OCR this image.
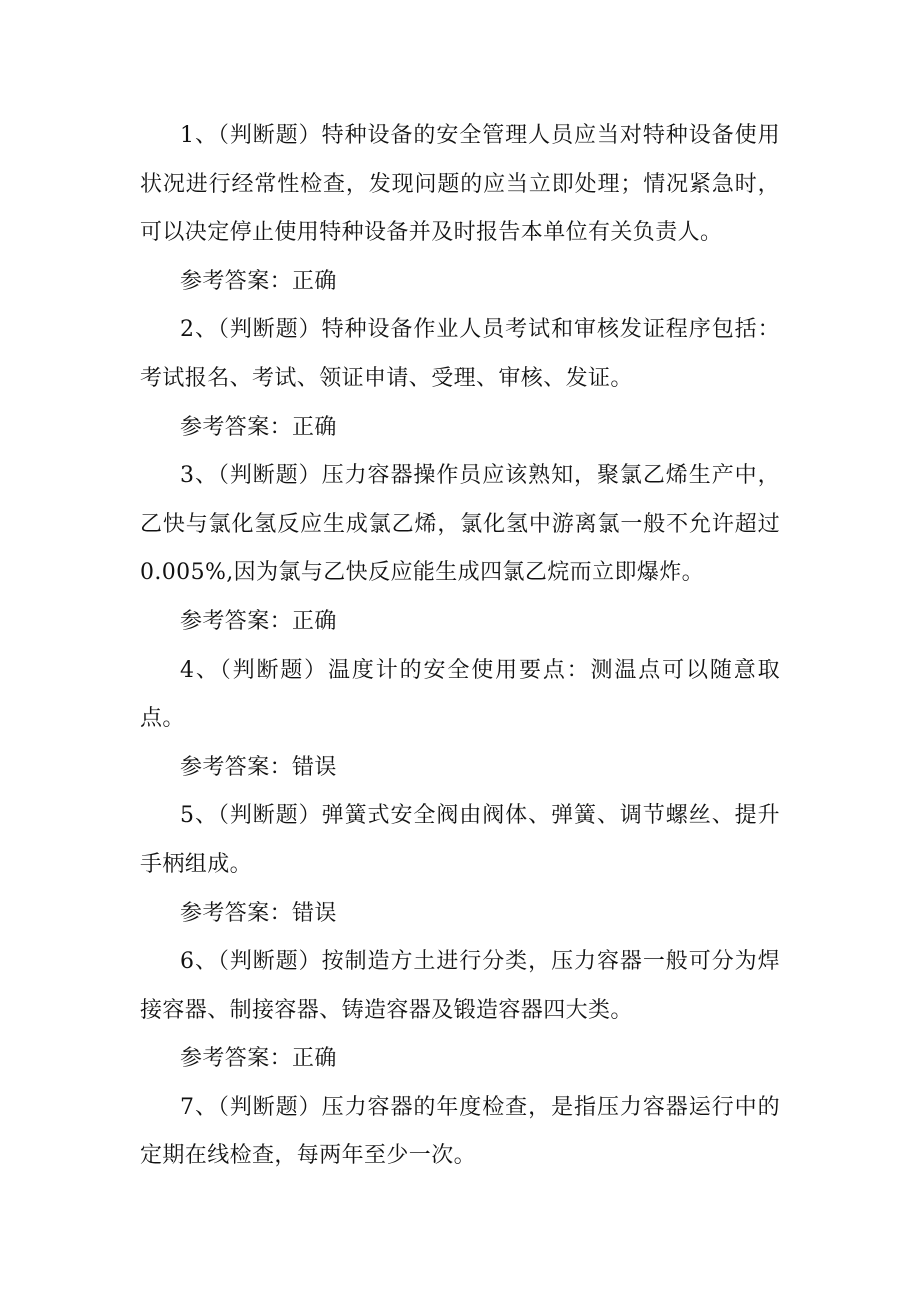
1、（判断题）特种设备的安全管理人员应当对特种设备使用状况进行经常性检查，发现问题的应当立即处理；情况紧急时，可以决定停止使用特种设备并及时报告本单位有关负责人。

参考答案：正确

2、（判断题）特种设备作业人员考试和审核发证程序包括：考试报名、考试、领证申请、受理、审核、发证。

参考答案：正确

3、（判断题）压力容器操作员应该熟知，聚氯乙烯生产中，乙快与氯化氢反应生成氯乙烯，氯化氢中游离氯一般不允许超过0.005%,因为氯与乙快反应能生成四氯乙烷而立即爆炸。

参考答案：正确

4、（判断题）温度计的安全使用要点：测温点可以随意取点。

参考答案：错误

5、（判断题）弹簧式安全阀由阀体、弹簧、调节螺丝、提升手柄组成。

参考答案：错误

6、（判断题）按制造方土进行分类，压力容器一般可分为焊接容器、制接容器、铸造容器及锻造容器四大类。

参考答案：正确

7、（判断题）压力容器的年度检查，是指压力容器运行中的定期在线检查，每两年至少一次。
